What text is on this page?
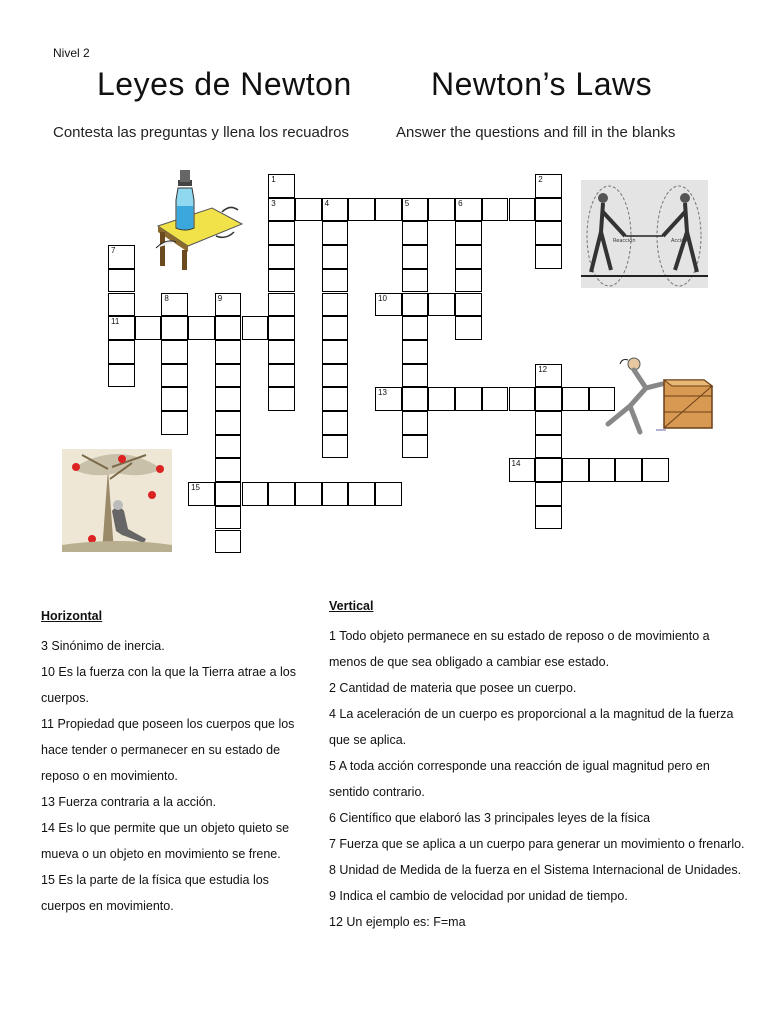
Nivel 2
Leyes de Newton Newton’s Laws
Contesta las preguntas y llena los recuadros	Answer the questions and fill in the blanks
1
3
2
4	5	6
7
11
8	9
12
10
13
14
15
Reacción	Acción
Horizontal

3 Sinónimo de inercia.

10 Es la fuerza con la que la Tierra atrae a los cuerpos.

11 Propiedad que poseen los cuerpos que los hace tender o permanecer en su estado de reposo o en movimiento.

13 Fuerza contraria a la acción.

14 Es lo que permite que un objeto quieto se mueva o un objeto en movimiento se frene.

15 Es la parte de la física que estudia los cuerpos en movimiento.

Vertical

1 Todo objeto permanece en su estado de reposo o de movimiento a menos de que sea obligado a cambiar ese estado.

2 Cantidad de materia que posee un cuerpo.

4 La aceleración de un cuerpo es proporcional a la magnitud de la fuerza que se aplica.

5 A toda acción corresponde una reacción de igual magnitud pero en sentido contrario.

6 Científico que elaboró las 3 principales leyes de la física

7 Fuerza que se aplica a un cuerpo para generar un movimiento o frenarlo.

8 Unidad de Medida de la fuerza en el Sistema Internacional de Unidades.

9 Indica el cambio de velocidad por unidad de tiempo.

12 Un ejemplo es: F=ma
